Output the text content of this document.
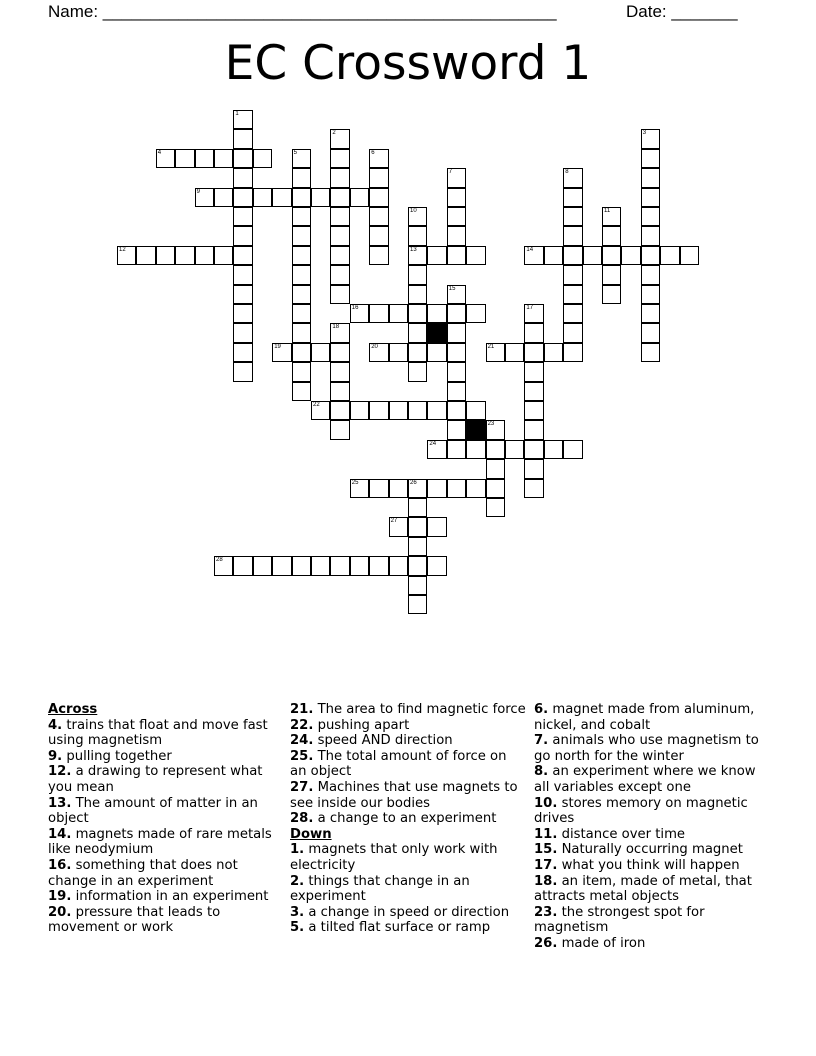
Name: ________________________________________________	Date: _______
EC Crossword 1
1
2	3
4	5	6
7	8
9
10
13
11
12	14
15
16	17
18
19	20	21
22
23
24
25	26
27
28
Across
4. trains that float and move fast using magnetism
9. pulling together
12. a drawing to represent what you mean
13. The amount of matter in an object
14. magnets made of rare metals like neodymium
16. something that does not change in an experiment
19. information in an experiment
20. pressure that leads to movement or work
21. The area to find magnetic force
22. pushing apart
24. speed AND direction
25. The total amount of force on an object
27. Machines that use magnets to see inside our bodies
28. a change to an experiment
Down
1. magnets that only work with electricity
2. things that change in an experiment
3. a change in speed or direction
5. a tilted flat surface or ramp
6. magnet made from aluminum, nickel, and cobalt
7. animals who use magnetism to go north for the winter
8. an experiment where we know all variables except one
10. stores memory on magnetic drives
11. distance over time
15. Naturally occurring magnet
17. what you think will happen
18. an item, made of metal, that attracts metal objects
23. the strongest spot for magnetism
26. made of iron
